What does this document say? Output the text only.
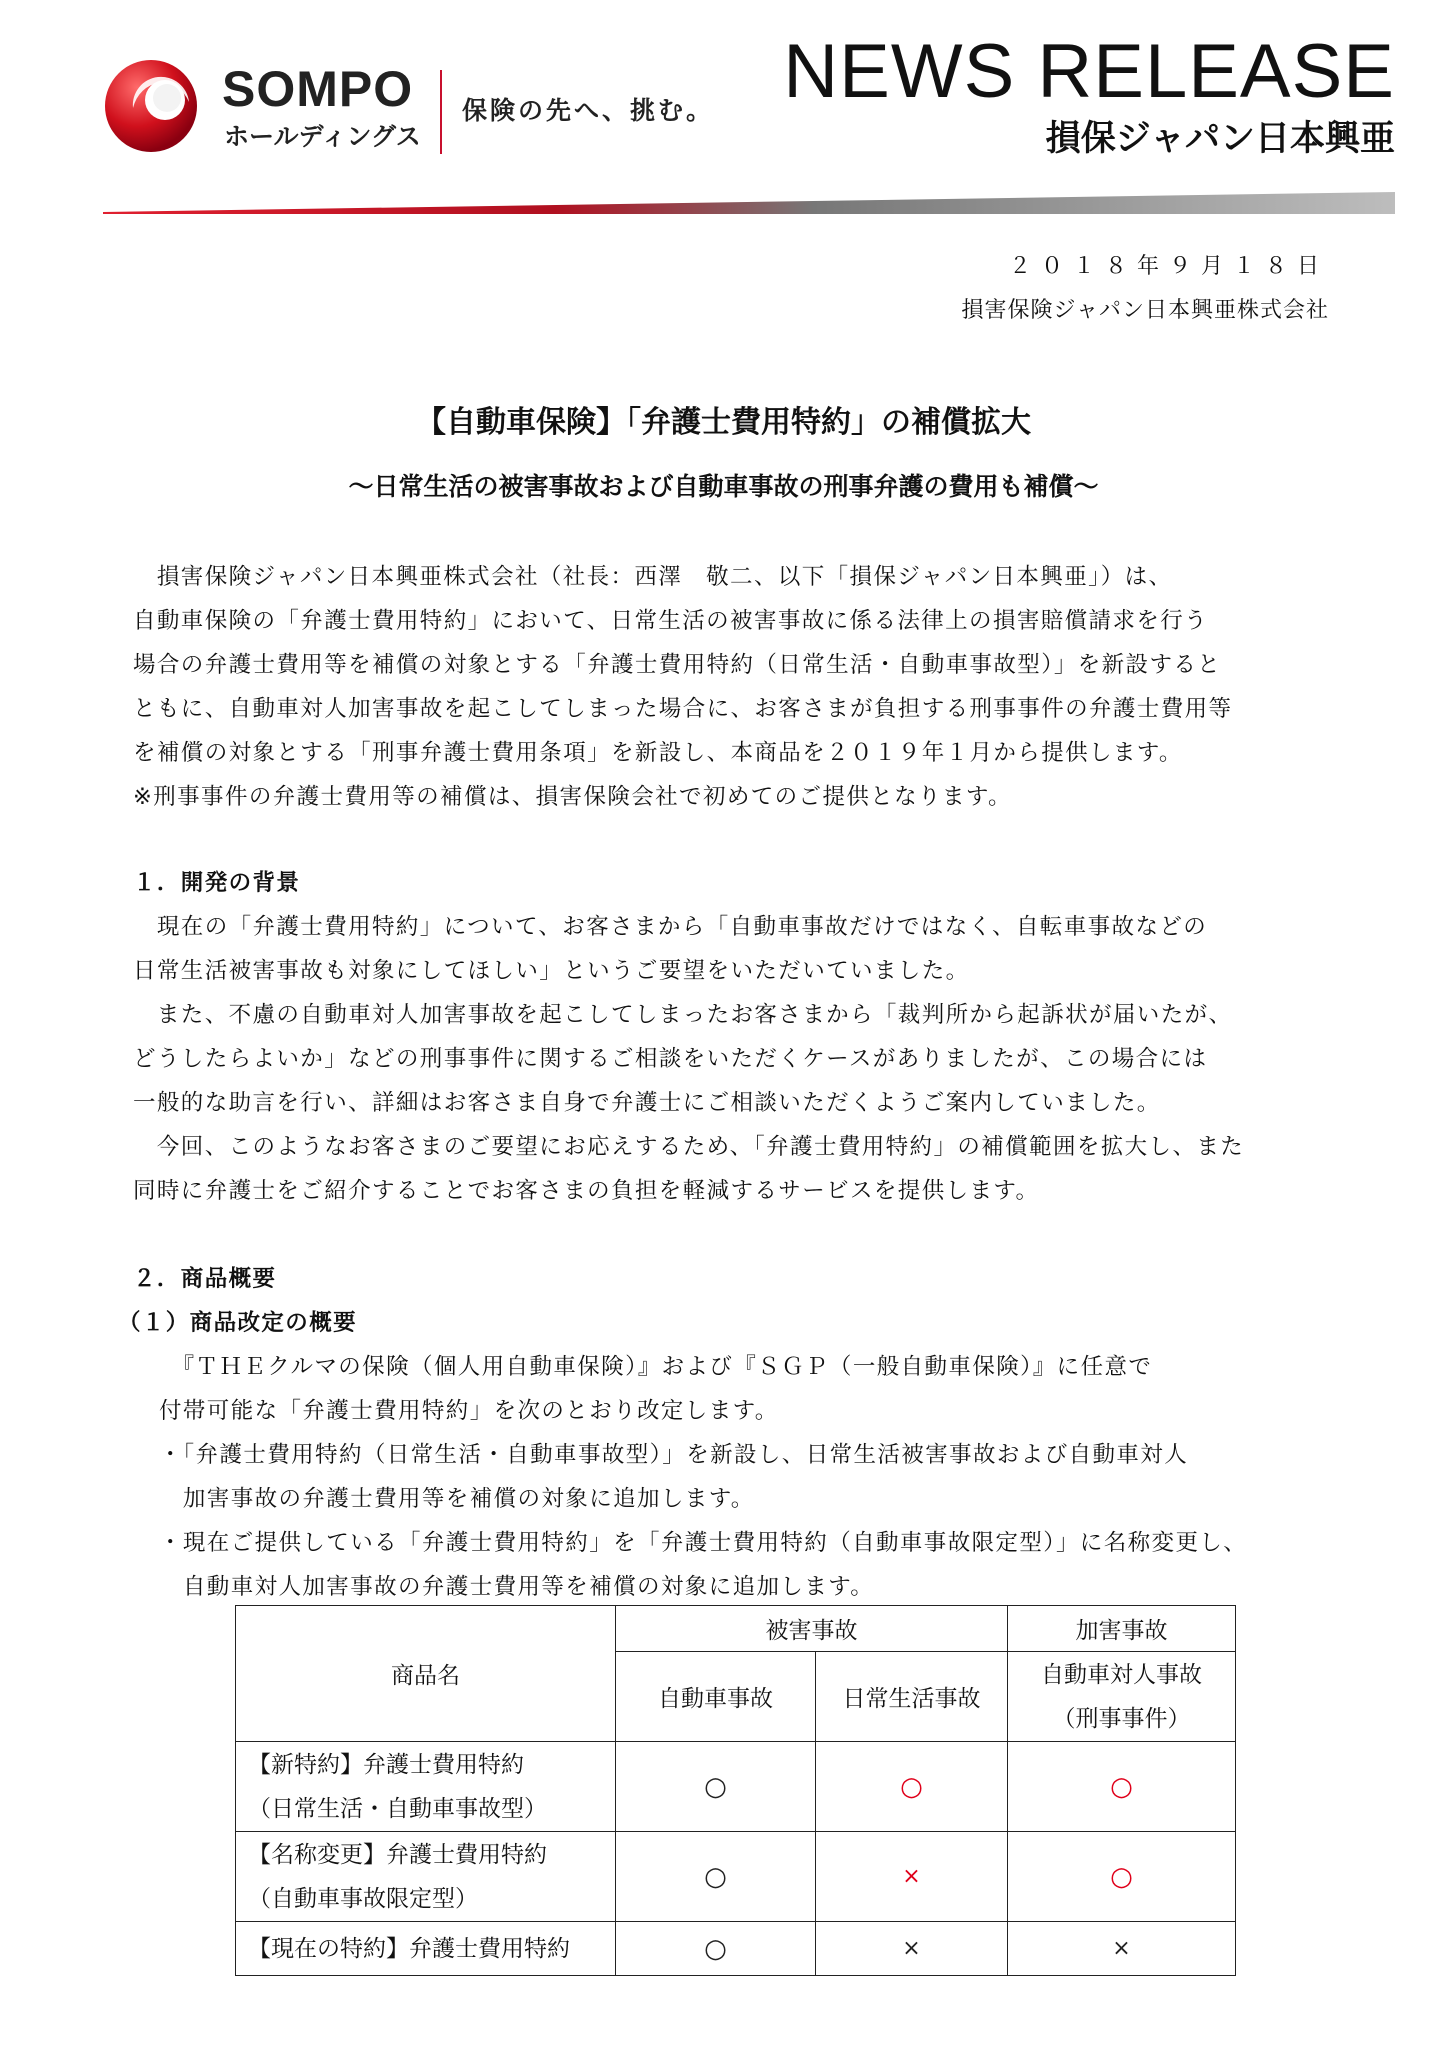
SOMPO
ホールディングス
保険の先へ、挑む。 NEWS RELEASE
損保ジャパン日本興亜
２０１８年９月１８日
損害保険ジャパン日本興亜株式会社
【自動車保険】「弁護士費用特約」の補償拡大
～日常生活の被害事故および自動車事故の刑事弁護の費用も補償～
　損害保険ジャパン日本興亜株式会社（社長：西澤　敬二、以下「損保ジャパン日本興亜」）は、
自動車保険の「弁護士費用特約」において、日常生活の被害事故に係る法律上の損害賠償請求を行う
場合の弁護士費用等を補償の対象とする「弁護士費用特約（日常生活・自動車事故型）」を新設すると
ともに、自動車対人加害事故を起こしてしまった場合に、お客さまが負担する刑事事件の弁護士費用等
を補償の対象とする「刑事弁護士費用条項」を新設し、本商品を２０１９年１月から提供します。
※刑事事件の弁護士費用等の補償は、損害保険会社で初めてのご提供となります。
１．開発の背景
　現在の「弁護士費用特約」について、お客さまから「自動車事故だけではなく、自転車事故などの
日常生活被害事故も対象にしてほしい」というご要望をいただいていました。
　また、不慮の自動車対人加害事故を起こしてしまったお客さまから「裁判所から起訴状が届いたが、
どうしたらよいか」などの刑事事件に関するご相談をいただくケースがありましたが、この場合には
一般的な助言を行い、詳細はお客さま自身で弁護士にご相談いただくようご案内していました。
　今回、このようなお客さまのご要望にお応えするため、「弁護士費用特約」の補償範囲を拡大し、また
同時に弁護士をご紹介することでお客さまの負担を軽減するサービスを提供します。
２．商品概要
（１）商品改定の概要
　『ＴＨＥクルマの保険（個人用自動車保険）』および『ＳＧＰ（一般自動車保険）』に任意で
付帯可能な「弁護士費用特約」を次のとおり改定します。
・「弁護士費用特約（日常生活・自動車事故型）」を新設し、日常生活被害事故および自動車対人
　加害事故の弁護士費用等を補償の対象に追加します。
・現在ご提供している「弁護士費用特約」を「弁護士費用特約（自動車事故限定型）」に名称変更し、
　自動車対人加害事故の弁護士費用等を補償の対象に追加します。
商品名	被害事故		加害事故
	自動車事故	日常生活事故	自動車対人事故
（刑事事件）

【新特約】弁護士費用特約
（日常生活・自動車事故型）	○	○	○

【名称変更】弁護士費用特約
（自動車事故限定型）	○	×	○
【現在の特約】弁護士費用特約	○	×	×
